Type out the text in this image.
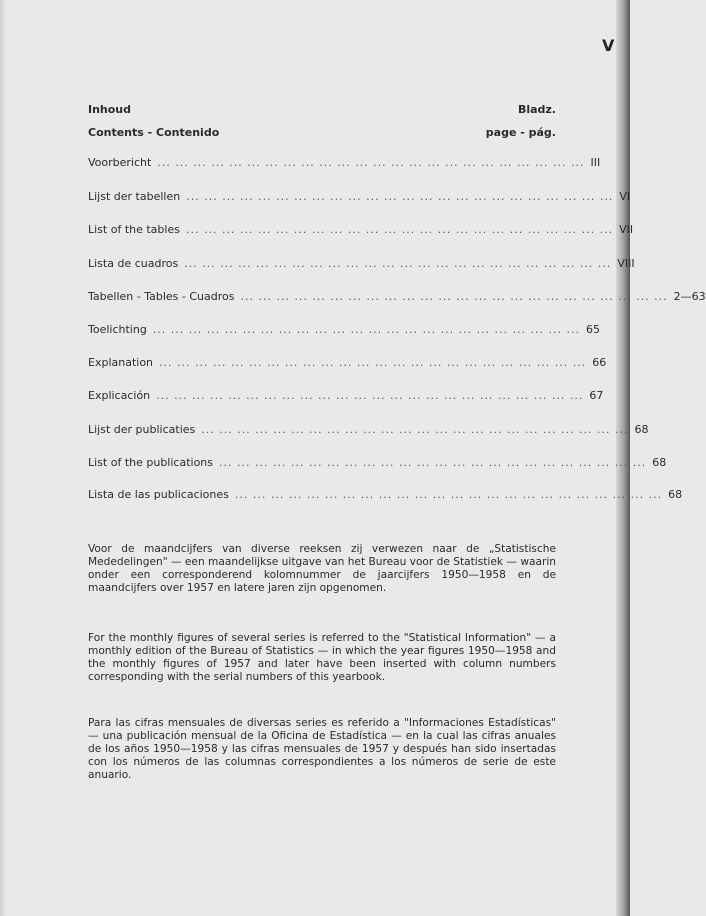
V
Inhoud	Bladz.
Contents - Contenido	page - pág.
Voorbericht ... ... ... ... ... ... ... ... ... ... ... ... ... ... ... ... ... ... ... ... ... ... ... ... III
Lijst der tabellen ... ... ... ... ... ... ... ... ... ... ... ... ... ... ... ... ... ... ... ... ... ... ... ... VI
List of the tables ... ... ... ... ... ... ... ... ... ... ... ... ... ... ... ... ... ... ... ... ... ... ... ... VII
Lista de cuadros ... ... ... ... ... ... ... ... ... ... ... ... ... ... ... ... ... ... ... ... ... ... ... ... VIII
Tabellen - Tables - Cuadros ... ... ... ... ... ... ... ... ... ... ... ... ... ... ... ... ... ... ... ... ... ... ... ... 2—63
Toelichting ... ... ... ... ... ... ... ... ... ... ... ... ... ... ... ... ... ... ... ... ... ... ... ... 65
Explanation ... ... ... ... ... ... ... ... ... ... ... ... ... ... ... ... ... ... ... ... ... ... ... ... 66
Explicación ... ... ... ... ... ... ... ... ... ... ... ... ... ... ... ... ... ... ... ... ... ... ... ... 67
Lijst der publicaties ... ... ... ... ... ... ... ... ... ... ... ... ... ... ... ... ... ... ... ... ... ... ... ... 68
List of the publications ... ... ... ... ... ... ... ... ... ... ... ... ... ... ... ... ... ... ... ... ... ... ... ... 68
Lista de las publicaciones ... ... ... ... ... ... ... ... ... ... ... ... ... ... ... ... ... ... ... ... ... ... ... ... 68
Voor de maandcijfers van diverse reeksen zij verwezen naar de „Statistische Mededelingen" — een maandelijkse uitgave van het Bureau voor de Statistiek — waarin onder een corresponderend kolomnummer de jaarcijfers 1950—1958 en de maandcijfers over 1957 en latere jaren zijn opgenomen.
For the monthly figures of several series is referred to the "Statistical Information" — a monthly edition of the Bureau of Statistics — in which the year figures 1950—1958 and the monthly figures of 1957 and later have been inserted with column numbers corresponding with the serial numbers of this yearbook.
Para las cifras mensuales de diversas series es referido a "Informaciones Estadísticas" — una publicación mensual de la Oficina de Estadística — en la cual las cifras anuales de los años 1950—1958 y las cifras mensuales de 1957 y después han sido insertadas con los números de las columnas correspondientes a los números de serie de este anuario.
